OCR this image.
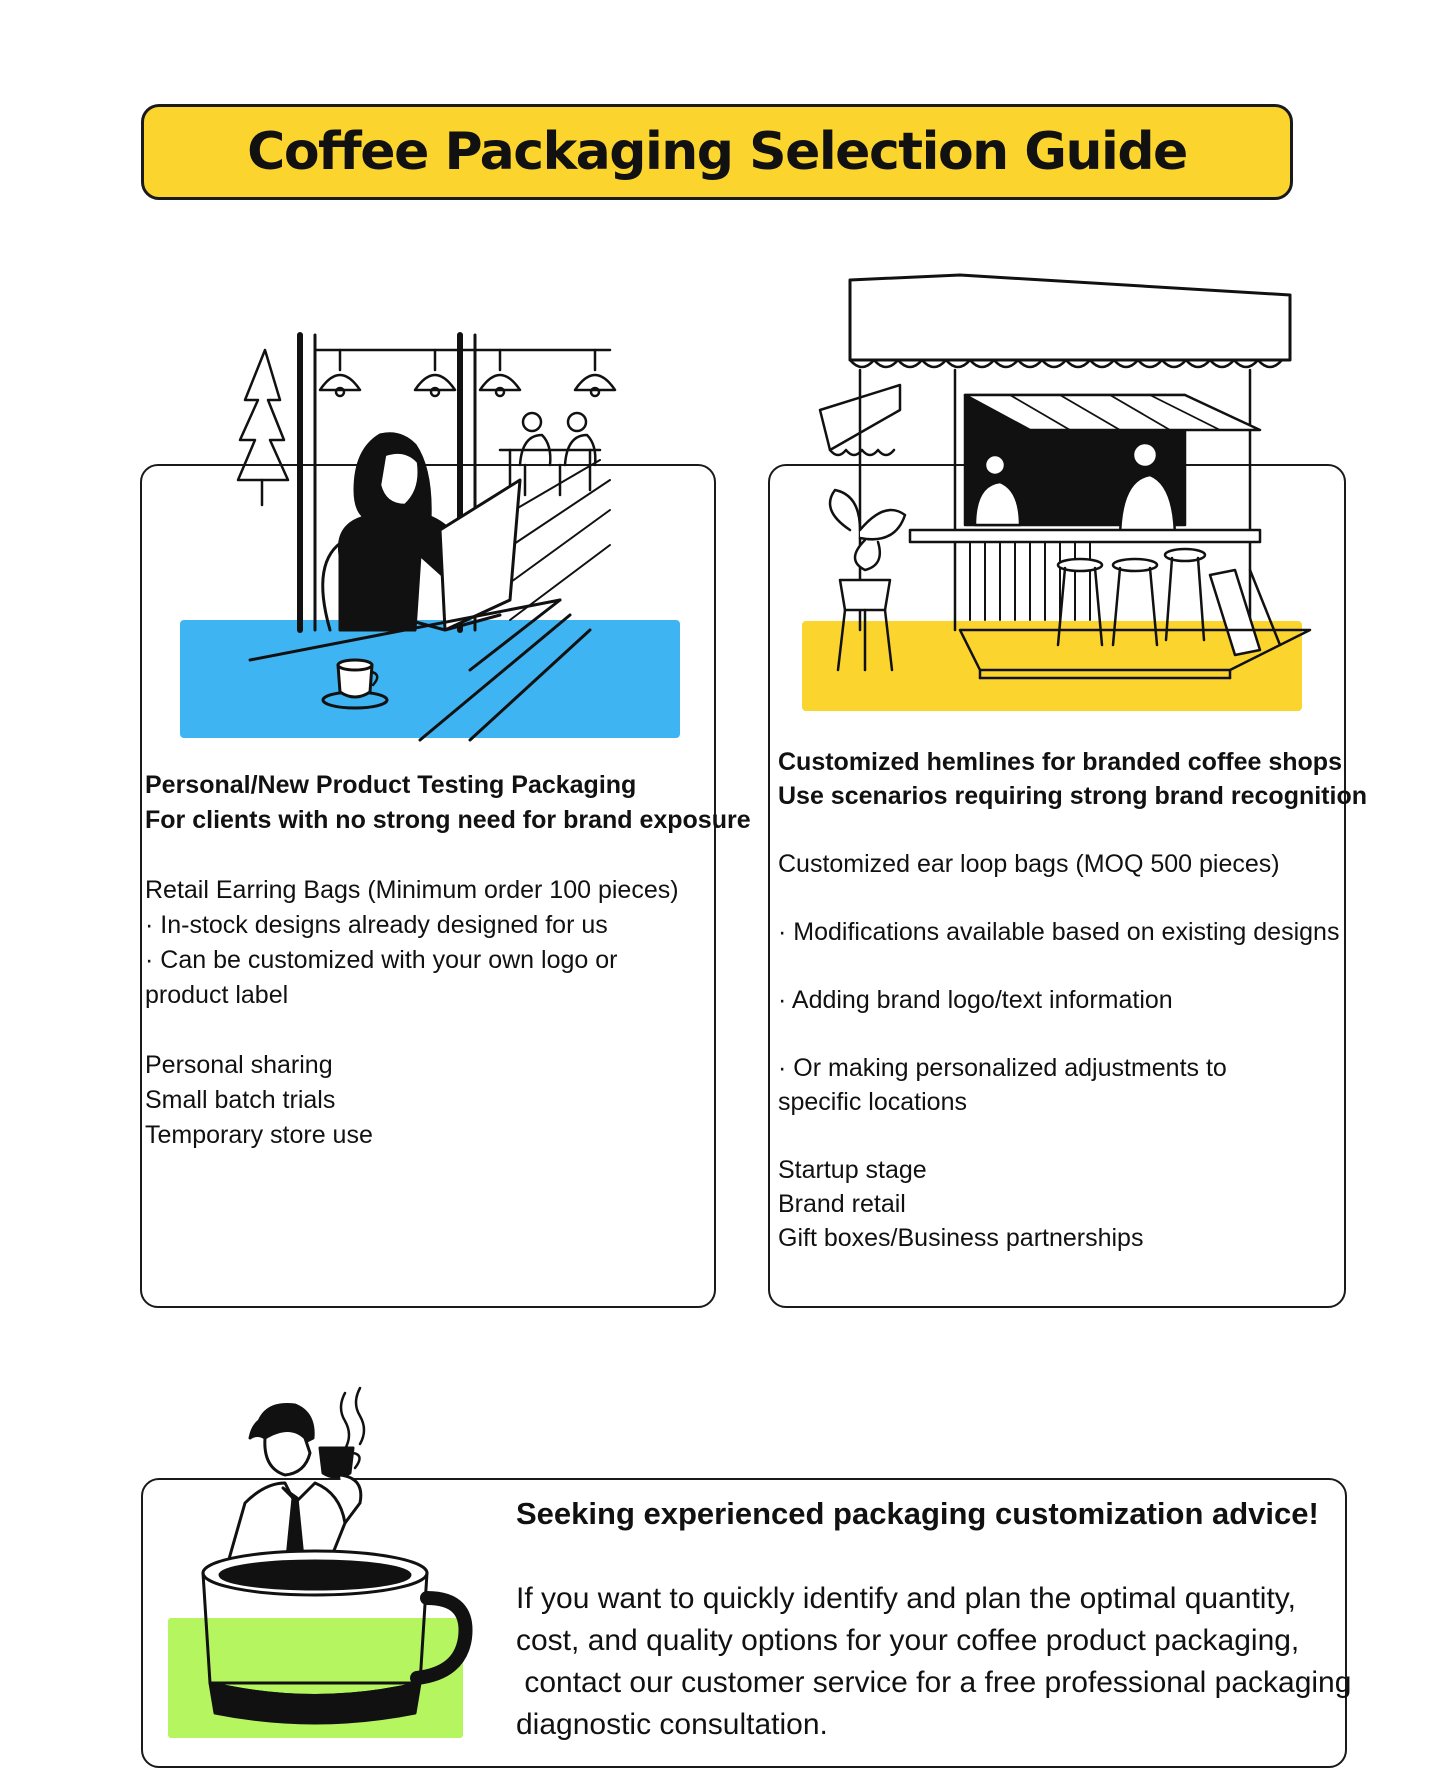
Coffee Packaging Selection Guide
Personal/New Product Testing Packaging
For clients with no strong need for brand exposure
Retail Earring Bags (Minimum order 100 pieces)
· In-stock designs already designed for us
· Can be customized with your own logo or
product label
Personal sharing
Small batch trials
Temporary store use
Customized hemlines for branded coffee shops
Use scenarios requiring strong brand recognition
Customized ear loop bags (MOQ 500 pieces)
· Modifications available based on existing designs
· Adding brand logo/text information
· Or making personalized adjustments to
specific locations
Startup stage
Brand retail
Gift boxes/Business partnerships
Seeking experienced packaging customization advice!
If you want to quickly identify and plan the optimal quantity,
cost, and quality options for your coffee product packaging,
contact our customer service for a free professional packaging
diagnostic consultation.
